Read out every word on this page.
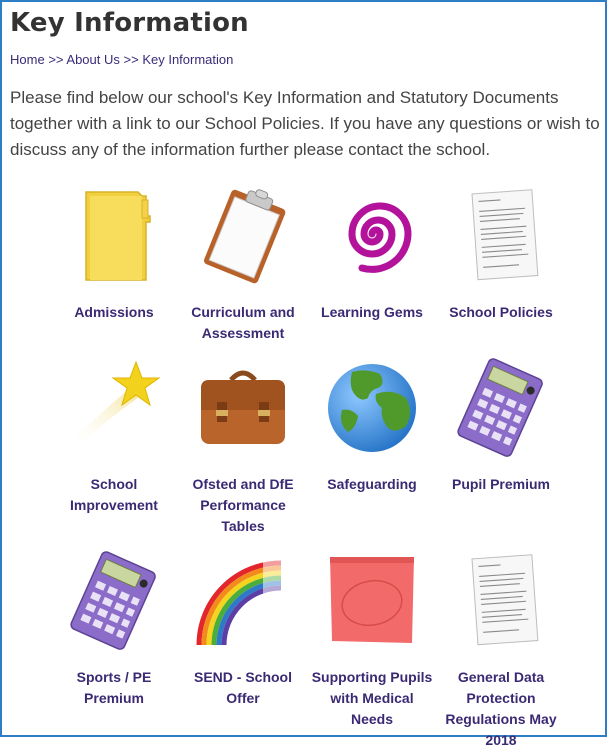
Key Information
Home >> About Us >> Key Information

Please find below our school's Key Information and Statutory Documents together with a link to our School Policies. If you have any questions or wish to discuss any of the information further please contact the school.

Admissions	Curriculum and Assessment
Learning Gems	School Policies
School Improvement
Ofsted and DfE Performance Tables
Safeguarding	Pupil Premium
Sports / PE Premium
SEND - School Offer
Supporting Pupils with Medical Needs
General Data Protection Regulations May 2018
